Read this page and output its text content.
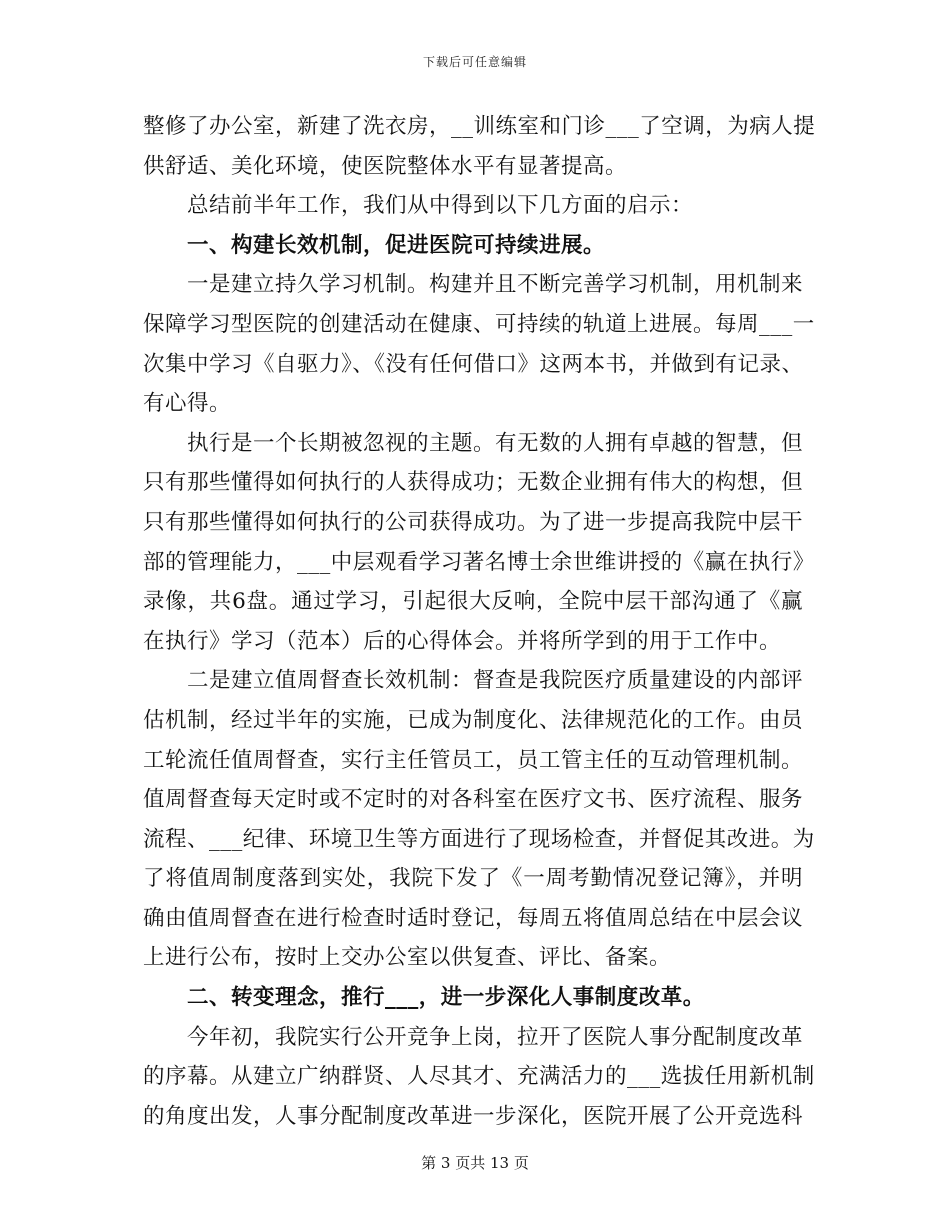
下载后可任意编辑
整修了办公室，新建了洗衣房，__训练室和门诊___了空调，为病人提
供舒适、美化环境，使医院整体水平有显著提高。
总结前半年工作，我们从中得到以下几方面的启示：
一、构建长效机制，促进医院可持续进展。
一是建立持久学习机制。构建并且不断完善学习机制，用机制来
保障学习型医院的创建活动在健康、可持续的轨道上进展。每周___一
次集中学习《自驱力》、《没有任何借口》这两本书，并做到有记录、
有心得。
执行是一个长期被忽视的主题。有无数的人拥有卓越的智慧，但
只有那些懂得如何执行的人获得成功；无数企业拥有伟大的构想，但
只有那些懂得如何执行的公司获得成功。为了进一步提高我院中层干
部的管理能力，___中层观看学习著名博士余世维讲授的《赢在执行》
录像，共6盘。通过学习，引起很大反响，全院中层干部沟通了《赢
在执行》学习（范本）后的心得体会。并将所学到的用于工作中。
二是建立值周督查长效机制：督查是我院医疗质量建设的内部评
估机制，经过半年的实施，已成为制度化、法律规范化的工作。由员
工轮流任值周督查，实行主任管员工，员工管主任的互动管理机制。
值周督查每天定时或不定时的对各科室在医疗文书、医疗流程、服务
流程、___纪律、环境卫生等方面进行了现场检查，并督促其改进。为
了将值周制度落到实处，我院下发了《一周考勤情况登记簿》，并明
确由值周督查在进行检查时适时登记，每周五将值周总结在中层会议
上进行公布，按时上交办公室以供复查、评比、备案。
二、转变理念，推行___，进一步深化人事制度改革。
今年初，我院实行公开竞争上岗，拉开了医院人事分配制度改革
的序幕。从建立广纳群贤、人尽其才、充满活力的___选拔任用新机制
的角度出发，人事分配制度改革进一步深化，医院开展了公开竞选科
第 3 页共 13 页
